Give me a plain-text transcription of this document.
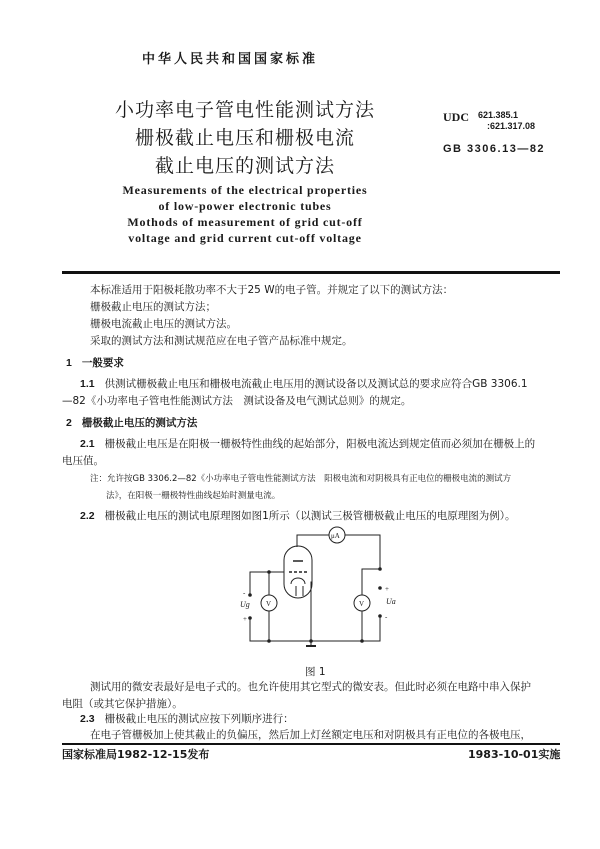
中华人民共和国国家标准
小功率电子管电性能测试方法
栅极截止电压和栅极电流
截止电压的测试方法
UDC 621.385.1
:621.317.08
GB 3306.13—82
Measurements of the electrical properties
of low-power electronic tubes
Mothods of measurement of grid cut-off
voltage and grid current cut-off voltage
本标准适用于阳极耗散功率不大于25 W的电子管。并规定了以下的测试方法：
栅极截止电压的测试方法；
栅极电流截止电压的测试方法。
采取的测试方法和测试规范应在电子管产品标准中规定。
1 一般要求
1.1 供测试栅极截止电压和栅极电流截止电压用的测试设备以及测试总的要求应符合GB 3306.1
—82《小功率电子管电性能测试方法　测试设备及电气测试总则》的规定。
2 栅极截止电压的测试方法
2.1 栅极截止电压是在阳极一栅极特性曲线的起始部分，阳极电流达到规定值而必须加在栅极上的
电压值。
注：允许按GB 3306.2—82《小功率电子管电性能测试方法　阳极电流和对阴极具有正电位的栅极电流的测试方
法》，在阳极一栅极特性曲线起始时测量电流。
2.2 栅极截止电压的测试电原理图如图1所示（以测试三极管栅极截止电压的电原理图为例）。
μA
V	V
Ug	Ua
-
+
+
-
图 1
测试用的微安表最好是电子式的。也允许使用其它型式的微安表。但此时必须在电路中串入保护
电阻（或其它保护措施）。
2.3 栅极截止电压的测试应按下列顺序进行：
在电子管栅极加上使其截止的负偏压，然后加上灯丝额定电压和对阴极具有正电位的各极电压，
国家标准局1982-12-15发布	1983-10-01实施
